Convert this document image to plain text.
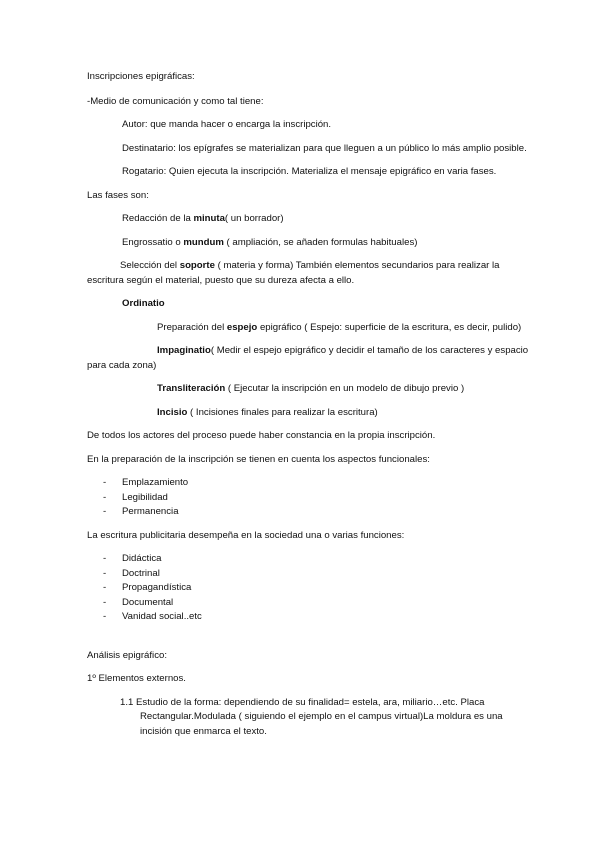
Inscripciones epigráficas:

-Medio de comunicación y como tal tiene:

Autor: que manda hacer o encarga la inscripción.

Destinatario: los epígrafes se materializan para que lleguen a un público lo más amplio posible.

Rogatario: Quien ejecuta la inscripción. Materializa el mensaje epigráfico en varia fases.

Las fases son:

Redacción de la minuta( un borrador)

Engrossatio o mundum ( ampliación, se añaden formulas habituales)

Selección del soporte ( materia y forma) También elementos secundarios para realizar la escritura según el material, puesto que su dureza afecta a ello.

Ordinatio

Preparación del espejo epigráfico ( Espejo: superficie de la escritura, es decir, pulido)

Impaginatio( Medir el espejo epigráfico y decidir el tamaño de los caracteres y espacio para cada zona)

Transliteración ( Ejecutar la inscripción en un modelo de dibujo previo )

Incisio ( Incisiones finales para realizar la escritura)

De todos los actores del proceso puede haber constancia en la propia inscripción.

En la preparación de la inscripción se tienen en cuenta los aspectos funcionales:

- Emplazamiento
- Legibilidad
- Permanencia

La escritura publicitaria desempeña en la sociedad una o varias funciones:

- Didáctica
- Doctrinal
- Propagandística
- Documental
- Vanidad social..etc

Análisis epigráfico:

1º Elementos externos.

1.1 Estudio de la forma: dependiendo de su finalidad= estela, ara, miliario…etc. Placa Rectangular.Modulada ( siguiendo el ejemplo en el campus virtual)La moldura es una incisión que enmarca el texto.
